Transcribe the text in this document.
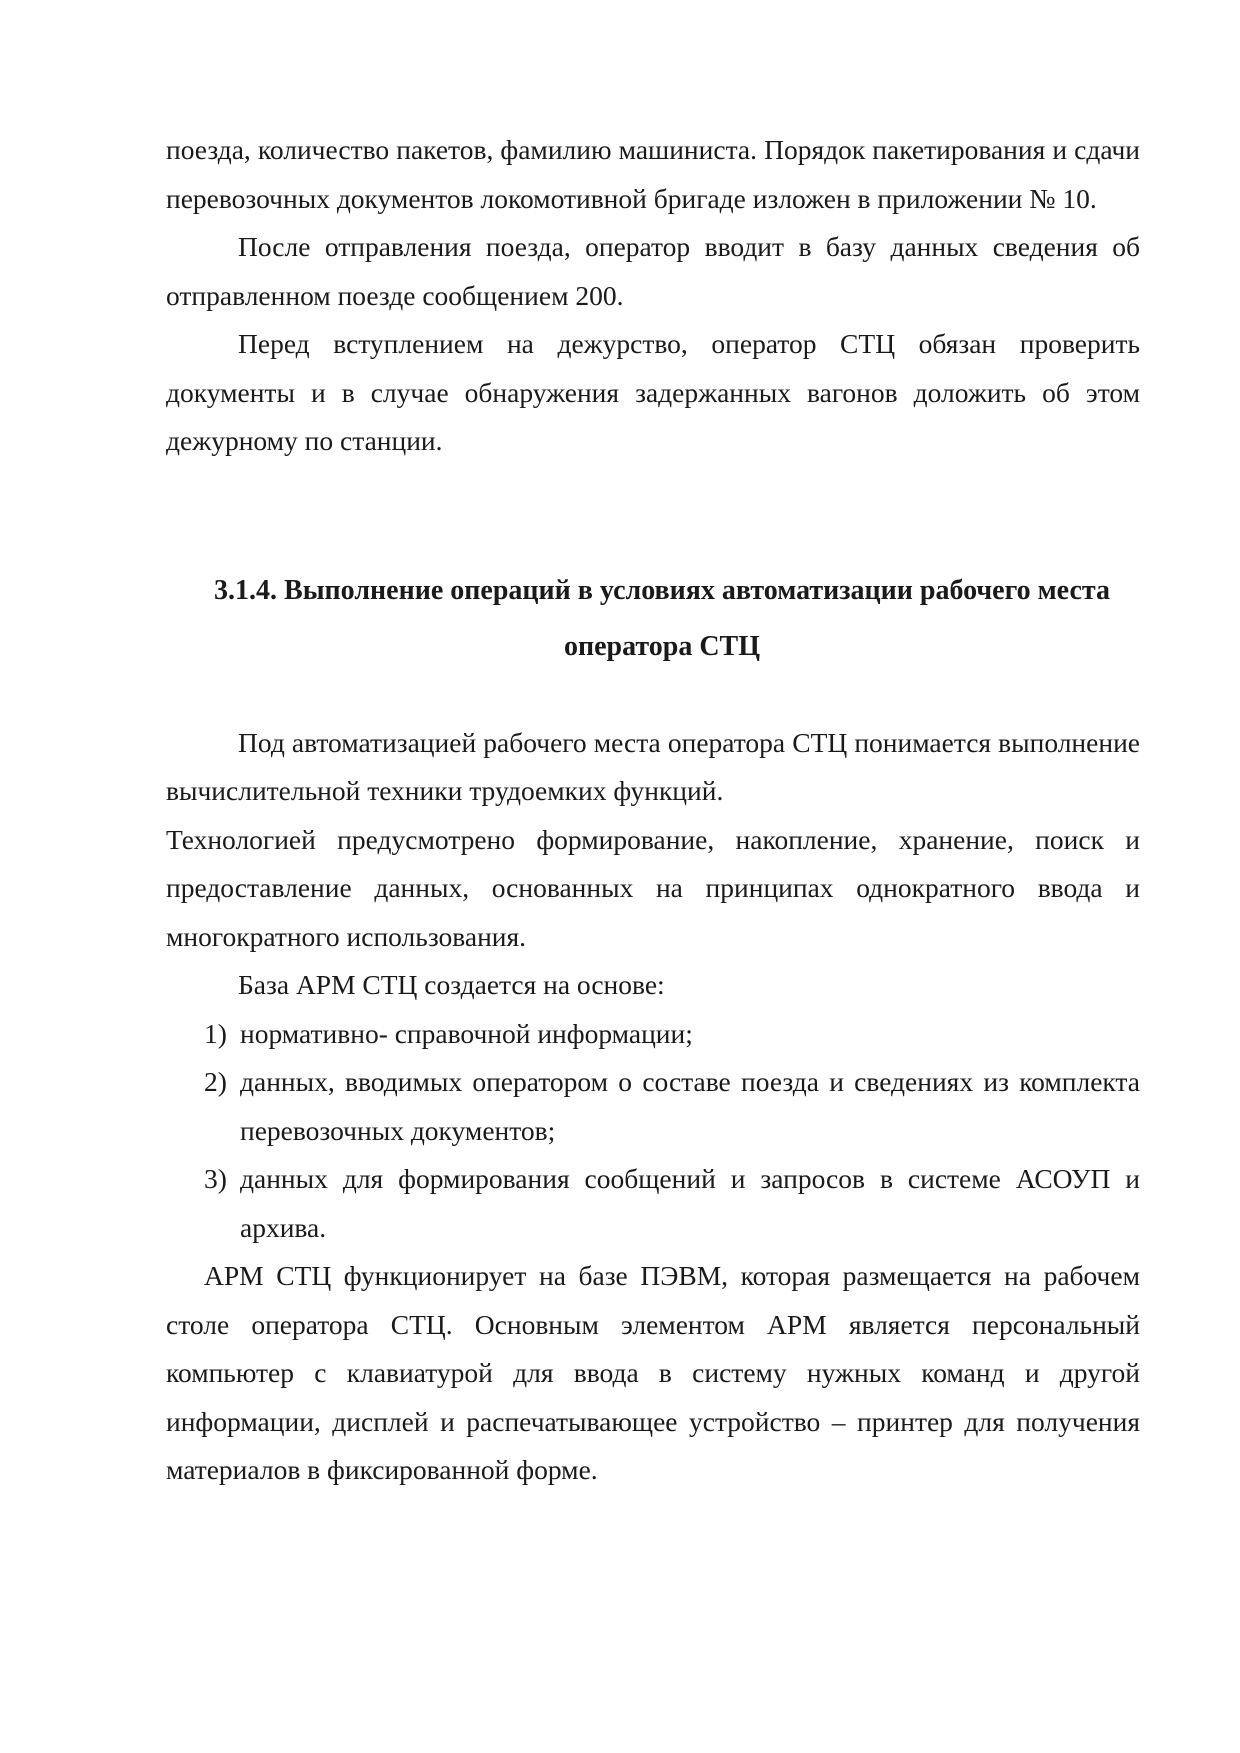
поезда, количество пакетов, фамилию машиниста. Порядок пакетирования и сдачи перевозочных документов локомотивной бригаде изложен в приложении № 10.

После отправления поезда, оператор вводит в базу данных сведения об отправленном поезде сообщением 200.

Перед вступлением на дежурство, оператор СТЦ обязан проверить документы и в случае обнаружения задержанных вагонов доложить об этом дежурному по станции.

3.1.4. Выполнение операций в условиях автоматизации рабочего места
оператора СТЦ

Под автоматизацией рабочего места оператора СТЦ понимается выполнение вычислительной техники трудоемких функций.

Технологией предусмотрено формирование, накопление, хранение, поиск и предоставление данных, основанных на принципах однократного ввода и многократного использования.

База АРМ СТЦ создается на основе:

1) нормативно- справочной информации;
2) данных, вводимых оператором о составе поезда и сведениях из комплекта перевозочных документов;
3) данных для формирования сообщений и запросов в системе АСОУП и архива.

АРМ СТЦ функционирует на базе ПЭВМ, которая размещается на рабочем столе оператора СТЦ. Основным элементом АРМ является персональный компьютер с клавиатурой для ввода в систему нужных команд и другой информации, дисплей и распечатывающее устройство – принтер для получения материалов в фиксированной форме.
